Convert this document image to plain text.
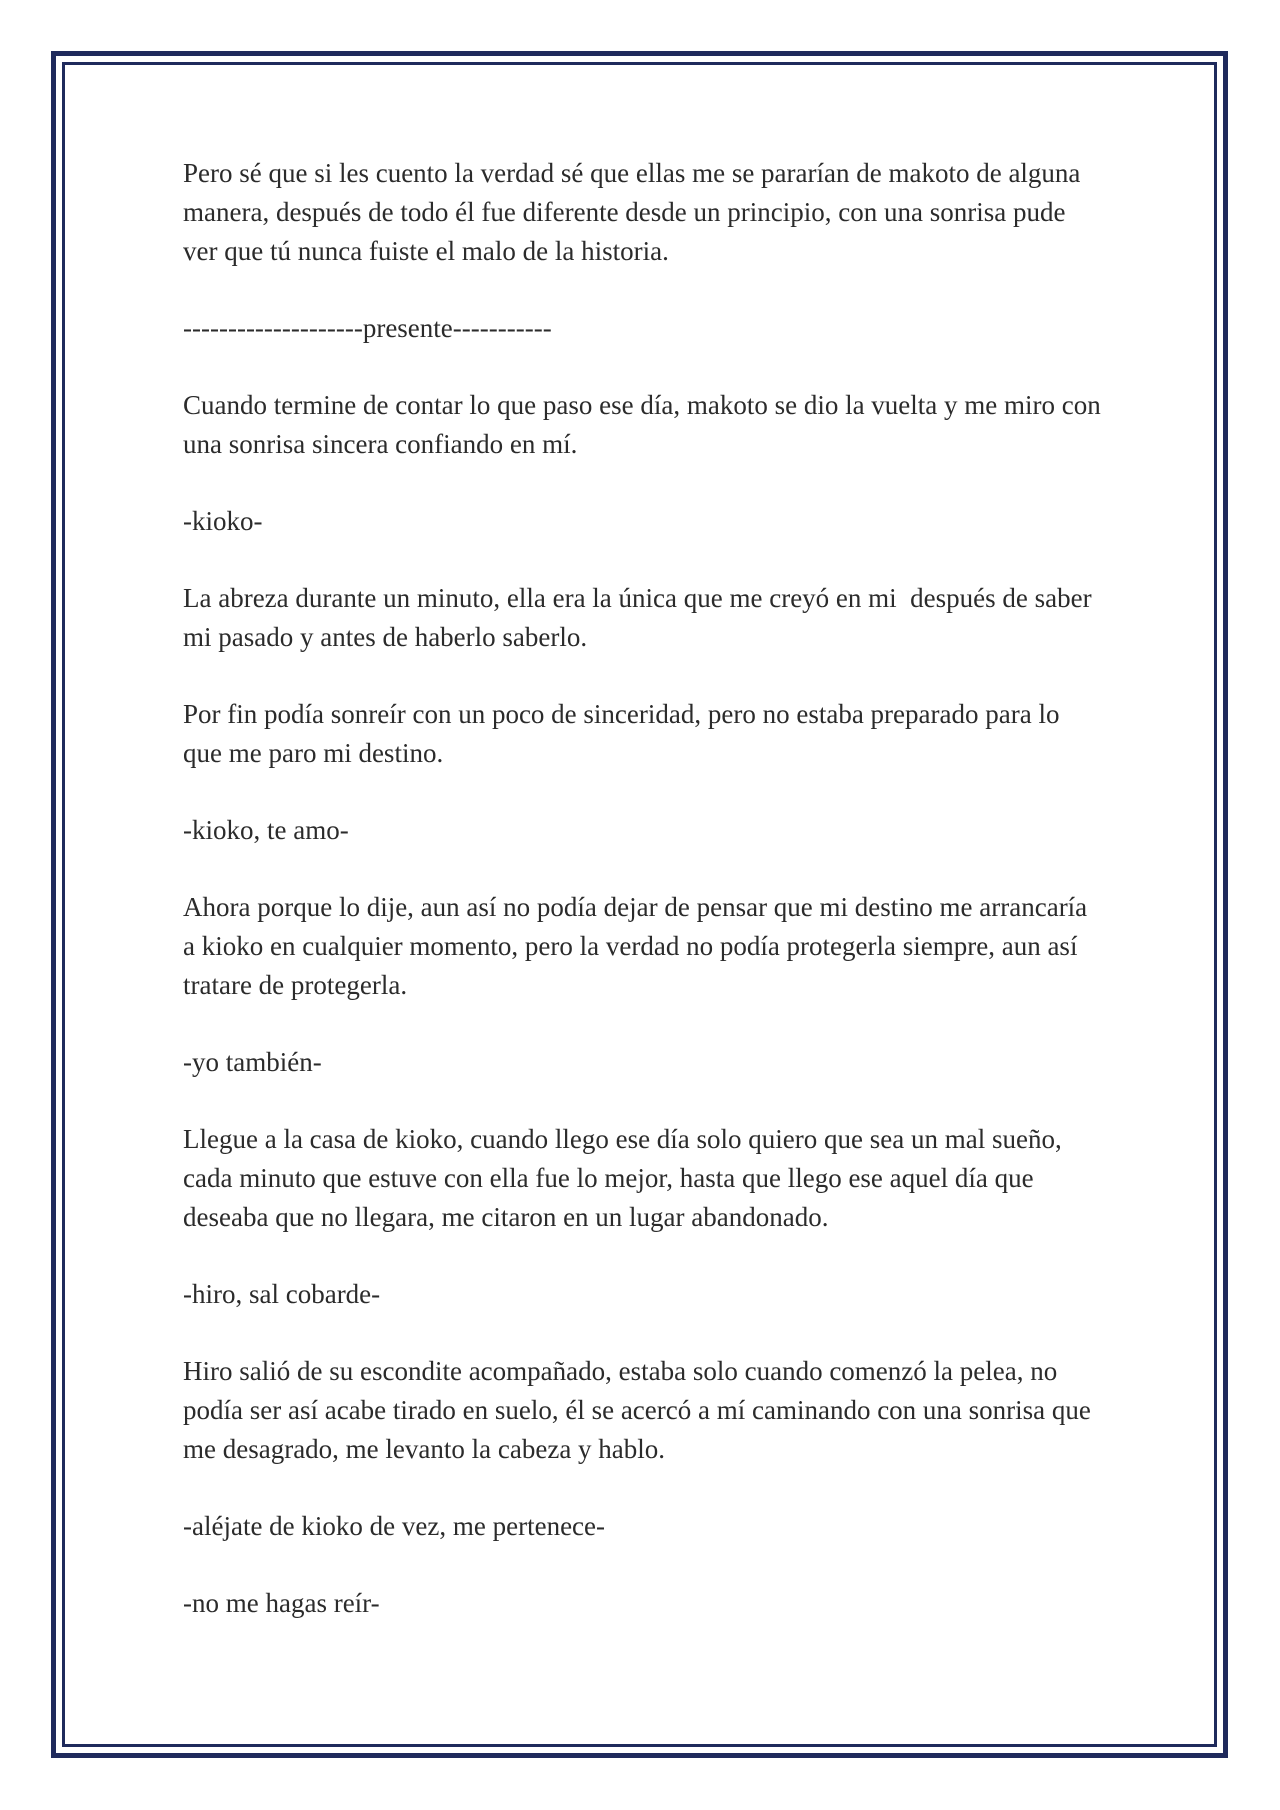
Pero sé que si les cuento la verdad sé que ellas me se pararían de makoto de alguna manera, después de todo él fue diferente desde un principio, con una sonrisa pude ver que tú nunca fuiste el malo de la historia.

--------------------presente-----------

Cuando termine de contar lo que paso ese día, makoto se dio la vuelta y me miro con una sonrisa sincera confiando en mí.

-kioko-

La abreza durante un minuto, ella era la única que me creyó en mi  después de saber mi pasado y antes de haberlo saberlo.

Por fin podía sonreír con un poco de sinceridad, pero no estaba preparado para lo que me paro mi destino.

-kioko, te amo-

Ahora porque lo dije, aun así no podía dejar de pensar que mi destino me arrancaría a kioko en cualquier momento, pero la verdad no podía protegerla siempre, aun así tratare de protegerla.

-yo también-

Llegue a la casa de kioko, cuando llego ese día solo quiero que sea un mal sueño, cada minuto que estuve con ella fue lo mejor, hasta que llego ese aquel día que deseaba que no llegara, me citaron en un lugar abandonado.

-hiro, sal cobarde-

Hiro salió de su escondite acompañado, estaba solo cuando comenzó la pelea, no podía ser así acabe tirado en suelo, él se acercó a mí caminando con una sonrisa que me desagrado, me levanto la cabeza y hablo.

-aléjate de kioko de vez, me pertenece-

-no me hagas reír-
